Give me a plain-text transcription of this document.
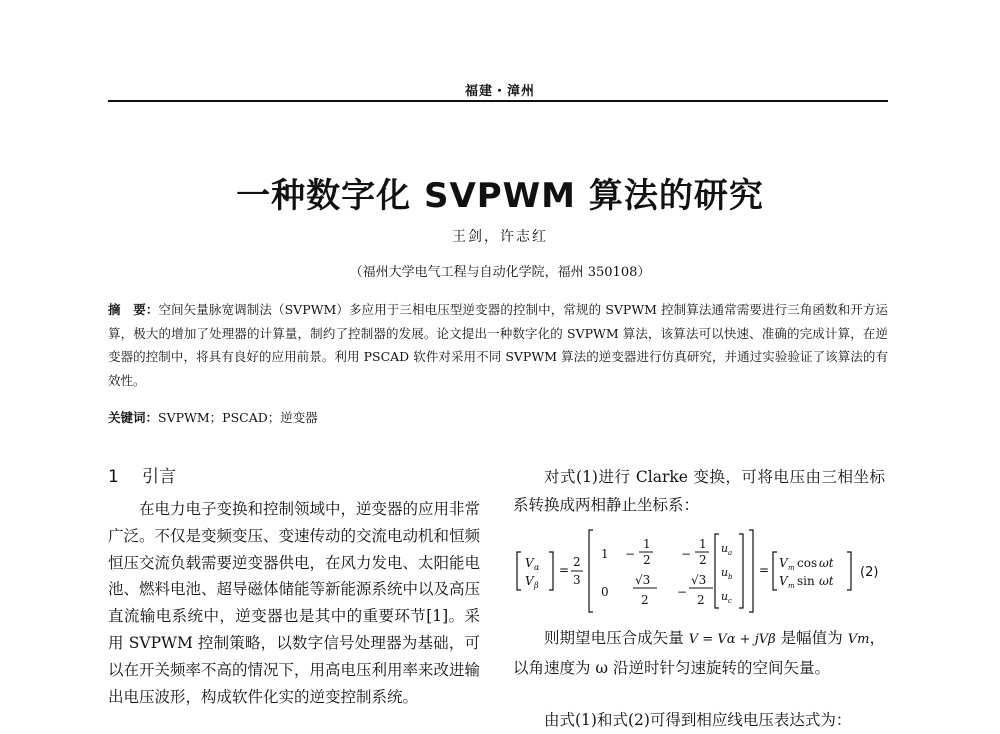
福建・漳州
一种数字化 SVPWM 算法的研究
王剑，许志红
（福州大学电气工程与自动化学院，福州 350108）
摘　要：空间矢量脉宽调制法（SVPWM）多应用于三相电压型逆变器的控制中，常规的 SVPWM 控制算法通常需要进行三角函数和开方运算，极大的增加了处理器的计算量，制约了控制器的发展。论文提出一种数字化的 SVPWM 算法，该算法可以快速、准确的完成计算，在逆变器的控制中，将具有良好的应用前景。利用 PSCAD 软件对采用不同 SVPWM 算法的逆变器进行仿真研究，并通过实验验证了该算法的有效性。
关键词：SVPWM；PSCAD；逆变器
1 引言

在电力电子变换和控制领域中，逆变器的应用非常广泛。不仅是变频变压、变速传动的交流电动机和恒频恒压交流负载需要逆变器供电，在风力发电、太阳能电池、燃料电池、超导磁体储能等新能源系统中以及高压直流输电系统中，逆变器也是其中的重要环节[1]。采用 SVPWM 控制策略，以数字信号处理器为基础，可以在开关频率不高的情况下，用高电压利用率来改进输出电压波形，构成软件化实的逆变控制系统。

对式(1)进行 Clarke 变换，可将电压由三相坐标系转换成两相静止坐标系：

V α
V β
=
2
3
1 −
1
2	−
1
2
0
√3
2
−
√3
2
u a
u b
u c
= V m cos ωt
V m sin ωt
(2)

则期望电压合成矢量 V = Vα + jVβ 是幅值为 Vm，以角速度为 ω 沿逆时针匀速旋转的空间矢量。

由式(1)和式(2)可得到相应线电压表达式为：
